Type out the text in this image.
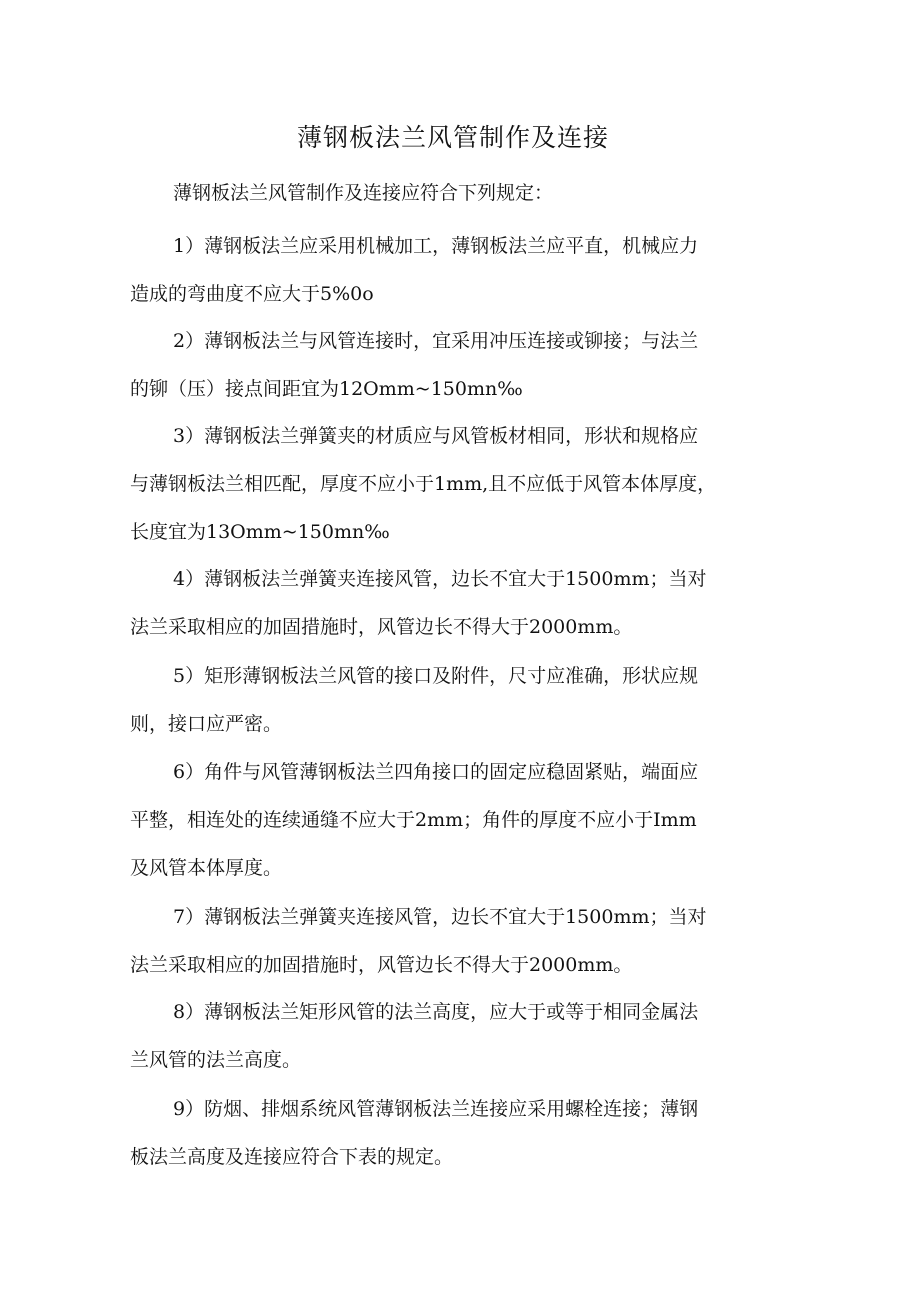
薄钢板法兰风管制作及连接
薄钢板法兰风管制作及连接应符合下列规定：
1）薄钢板法兰应采用机械加工，薄钢板法兰应平直，机械应力
造成的弯曲度不应大于5%0o
2）薄钢板法兰与风管连接时，宜采用冲压连接或铆接；与法兰
的铆（压）接点间距宜为12Omm~150mn‰
3）薄钢板法兰弹簧夹的材质应与风管板材相同，形状和规格应
与薄钢板法兰相匹配，厚度不应小于1mm,且不应低于风管本体厚度，
长度宜为13Omm~150mn‰
4）薄钢板法兰弹簧夹连接风管，边长不宜大于1500mm；当对
法兰采取相应的加固措施时，风管边长不得大于2000mm。
5）矩形薄钢板法兰风管的接口及附件，尺寸应准确，形状应规
则，接口应严密。
6）角件与风管薄钢板法兰四角接口的固定应稳固紧贴，端面应
平整，相连处的连续通缝不应大于2mm；角件的厚度不应小于Imm
及风管本体厚度。
7）薄钢板法兰弹簧夹连接风管，边长不宜大于1500mm；当对
法兰采取相应的加固措施时，风管边长不得大于2000mm。
8）薄钢板法兰矩形风管的法兰高度，应大于或等于相同金属法
兰风管的法兰高度。
9）防烟、排烟系统风管薄钢板法兰连接应采用螺栓连接；薄钢
板法兰高度及连接应符合下表的规定。
